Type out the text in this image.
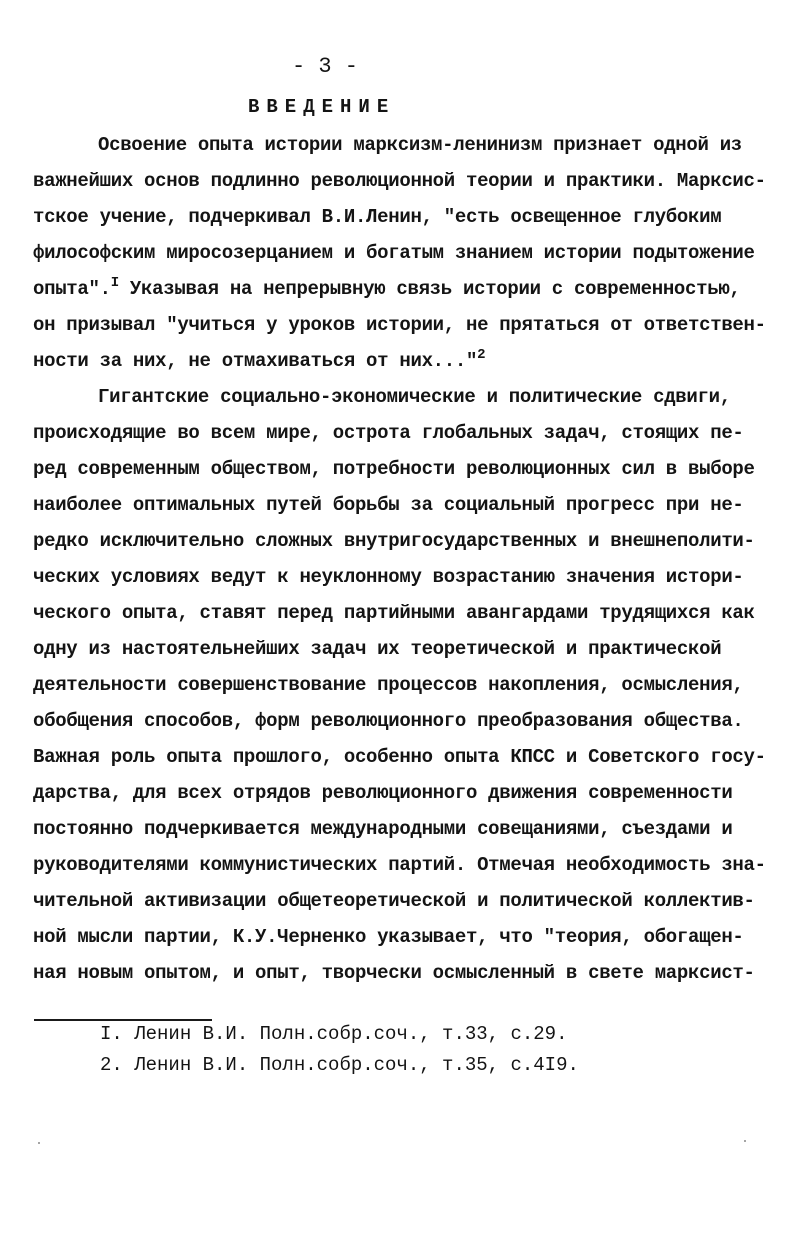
- 3 -
ВВЕДЕНИЕ
Освоение опыта истории марксизм-ленинизм признает одной из
важнейших основ подлинно революционной теории и практики. Марксис-
тское учение, подчеркивал В.И.Ленин, "есть освещенное глубоким
философским миросозерцанием и богатым знанием истории подытожение
опыта".$^I$ Указывая на непрерывную связь истории с современностью,
он призывал "учиться у уроков истории, не прятаться от ответствен-
ности за них, не отмахиваться от них..."$^2$
Гигантские социально-экономические и политические сдвиги,
происходящие во всем мире, острота глобальных задач, стоящих пе-
ред современным обществом, потребности революционных сил в выборе
наиболее оптимальных путей борьбы за социальный прогресс при не-
редко исключительно сложных внутригосударственных и внешнеполити-
ческих условиях ведут к неуклонному возрастанию значения истори-
ческого опыта, ставят перед партийными авангардами трудящихся как
одну из настоятельнейших задач их теоретической и практической
деятельности совершенствование процессов накопления, осмысления,
обобщения способов, форм революционного преобразования общества.
Важная роль опыта прошлого, особенно опыта КПСС и Советского госу-
дарства, для всех отрядов революционного движения современности
постоянно подчеркивается международными совещаниями, съездами и
руководителями коммунистических партий. Отмечая необходимость зна-
чительной активизации общетеоретической и политической коллектив-
ной мысли партии, К.У.Черненко указывает, что "теория, обогащен-
ная новым опытом, и опыт, творчески осмысленный в свете марксист-
I. Ленин В.И. Полн.собр.соч., т.33, с.29.
2. Ленин В.И. Полн.собр.соч., т.35, с.4I9.
